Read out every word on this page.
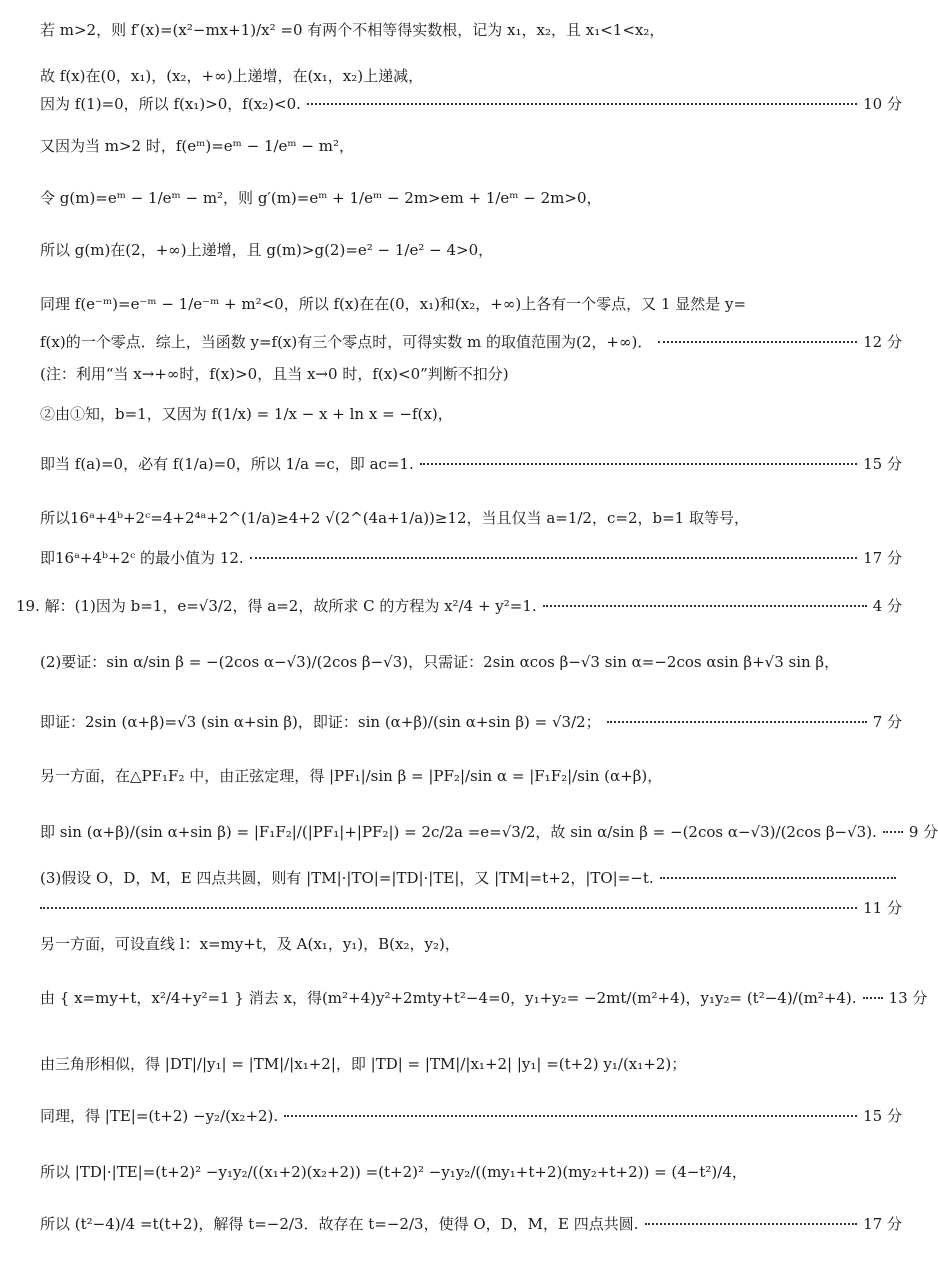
若 m>2，则 f′(x)=(x²−mx+1)/x² =0 有两个不相等得实数根，记为 x₁，x₂，且 x₁<1<x₂，
故 f(x)在(0，x₁)，(x₂，+∞)上递增，在(x₁，x₂)上递减，
因为 f(1)=0，所以 f(x₁)>0，f(x₂)<0.	10 分
又因为当 m>2 时，f(eᵐ)=eᵐ − 1/eᵐ − m²，
令 g(m)=eᵐ − 1/eᵐ − m²，则 g′(m)=eᵐ + 1/eᵐ − 2m>em + 1/eᵐ − 2m>0，
所以 g(m)在(2，+∞)上递增，且 g(m)>g(2)=e² − 1/e² − 4>0，
同理 f(e⁻ᵐ)=e⁻ᵐ − 1/e⁻ᵐ + m²<0，所以 f(x)在在(0，x₁)和(x₂，+∞)上各有一个零点，又 1 显然是 y=
f(x)的一个零点．综上，当函数 y=f(x)有三个零点时，可得实数 m 的取值范围为(2，+∞)．	12 分
(注：利用“当 x→+∞时，f(x)>0，且当 x→0 时，f(x)<0”判断不扣分)
②由①知，b=1，又因为 f(1/x) = 1/x − x + ln x = −f(x)，
即当 f(a)=0，必有 f(1/a)=0，所以 1/a =c，即 ac=1.	15 分
所以16ᵃ+4ᵇ+2ᶜ=4+2⁴ᵃ+2^(1/a)≥4+2 √(2^(4a+1/a))≥12，当且仅当 a=1/2，c=2，b=1 取等号，
即16ᵃ+4ᵇ+2ᶜ 的最小值为 12.	17 分
19. 解：(1)因为 b=1，e=√3/2，得 a=2，故所求 C 的方程为 x²/4 + y²=1.	4 分
(2)要证：sin α/sin β = −(2cos α−√3)/(2cos β−√3)，只需证：2sin αcos β−√3 sin α=−2cos αsin β+√3 sin β，
即证：2sin (α+β)=√3 (sin α+sin β)，即证：sin (α+β)/(sin α+sin β) = √3/2；	7 分
另一方面，在△PF₁F₂ 中，由正弦定理，得 |PF₁|/sin β = |PF₂|/sin α = |F₁F₂|/sin (α+β)，
即 sin (α+β)/(sin α+sin β) = |F₁F₂|/(|PF₁|+|PF₂|) = 2c/2a =e=√3/2，故 sin α/sin β = −(2cos α−√3)/(2cos β−√3). 9 分
(3)假设 O，D，M，E 四点共圆，则有 |TM|·|TO|=|TD|·|TE|，又 |TM|=t+2，|TO|=−t.
11 分
另一方面，可设直线 l：x=my+t，及 A(x₁，y₁)，B(x₂，y₂)，
由 { x=my+t，x²/4+y²=1 } 消去 x，得(m²+4)y²+2mty+t²−4=0，y₁+y₂= −2mt/(m²+4)，y₁y₂= (t²−4)/(m²+4). 13 分
由三角形相似，得 |DT|/|y₁| = |TM|/|x₁+2|，即 |TD| = |TM|/|x₁+2| |y₁| =(t+2) y₁/(x₁+2)；
同理，得 |TE|=(t+2) −y₂/(x₂+2).	15 分
所以 |TD|·|TE|=(t+2)² −y₁y₂/((x₁+2)(x₂+2)) =(t+2)² −y₁y₂/((my₁+t+2)(my₂+t+2)) = (4−t²)/4，
所以 (t²−4)/4 =t(t+2)，解得 t=−2/3．故存在 t=−2/3，使得 O，D，M，E 四点共圆.	17 分
